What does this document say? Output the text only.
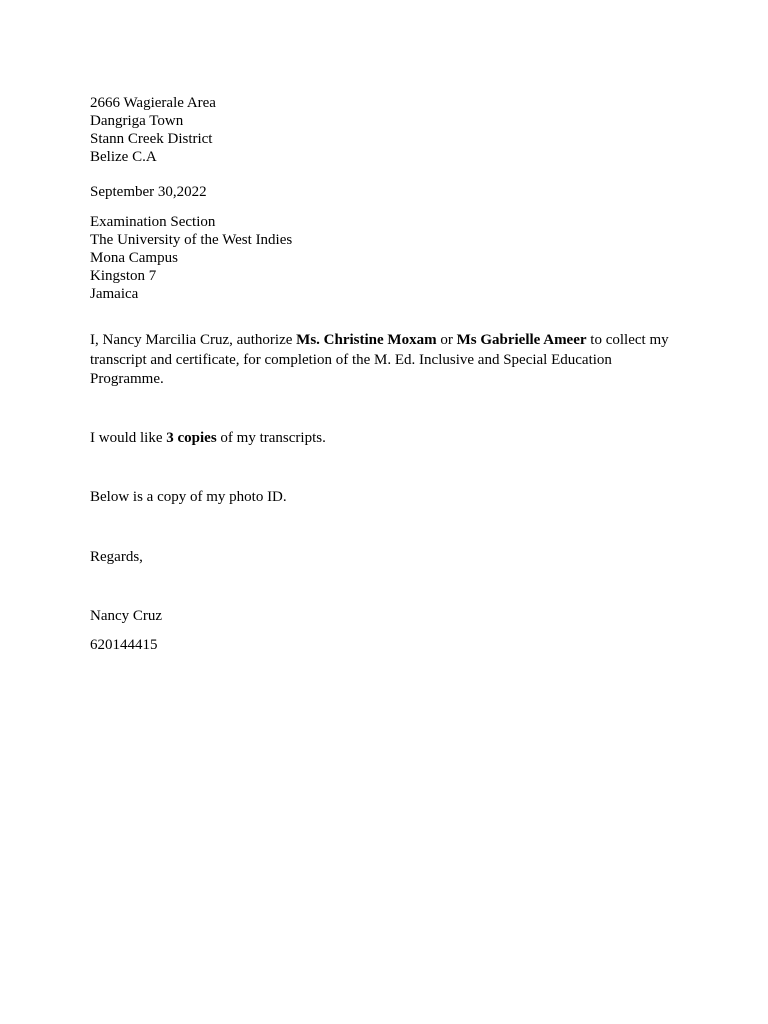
2666 Wagierale Area
Dangriga Town
Stann Creek District
Belize C.A
September 30,2022
Examination Section
The University of the West Indies
Mona Campus
Kingston 7
Jamaica
I, Nancy Marcilia Cruz, authorize Ms. Christine Moxam or Ms Gabrielle Ameer to collect my
transcript and certificate, for completion of the M. Ed. Inclusive and Special Education
Programme.
I would like 3 copies of my transcripts.
Below is a copy of my photo ID.
Regards,
Nancy Cruz
620144415
